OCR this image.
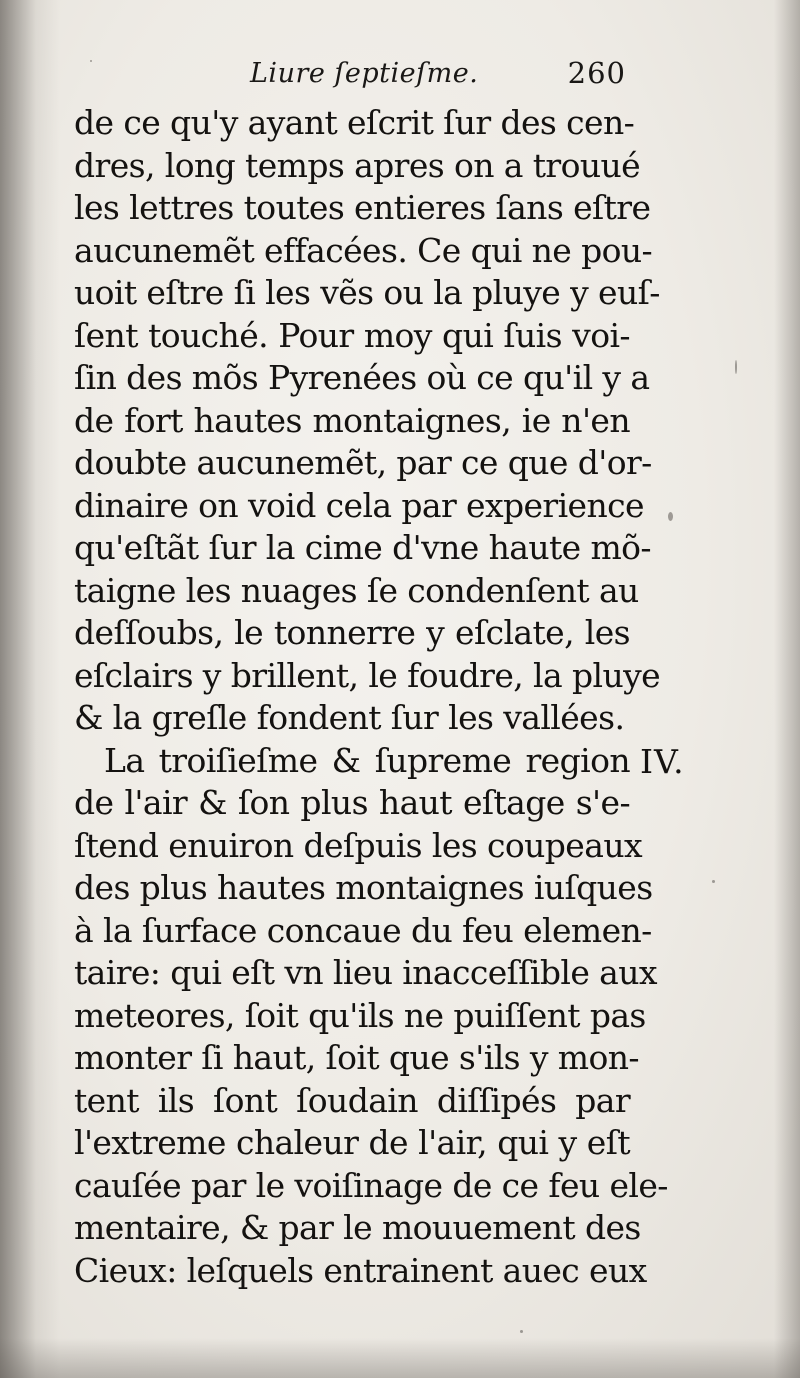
Liure ſeptieſme.	260
de ce qu'y ayant eſcrit ſur des cen-
dres, long temps apres on a trouué
les lettres toutes entieres ſans eſtre
aucunemẽt effacées. Ce qui ne pou-
uoit eſtre ſi les vẽs ou la pluye y euſ-
ſent touché. Pour moy qui ſuis voi-
ſin des mõs Pyrenées où ce qu'il y a
de fort hautes montaignes, ie n'en
doubte aucunemẽt, par ce que d'or-
dinaire on void cela par experience
qu'eſtãt ſur la cime d'vne haute mõ-
taigne les nuages ſe condenſent au
deſſoubs, le tonnerre y eſclate, les
eſclairs y brillent, le foudre, la pluye
& la greſle fondent ſur les vallées.
La troiſieſme & ſupreme region
de l'air & ſon plus haut eſtage s'e-
ſtend enuiron deſpuis les coupeaux
des plus hautes montaignes iuſques
à la ſurface concaue du feu elemen-
taire: qui eſt vn lieu inacceſſible aux
meteores, ſoit qu'ils ne puiſſent pas
monter ſi haut, ſoit que s'ils y mon-
tent ils ſont ſoudain diſſipés par
l'extreme chaleur de l'air, qui y eſt
cauſée par le voiſinage de ce feu ele-
mentaire, & par le mouuement des
Cieux: leſquels entrainent auec eux
IV.
